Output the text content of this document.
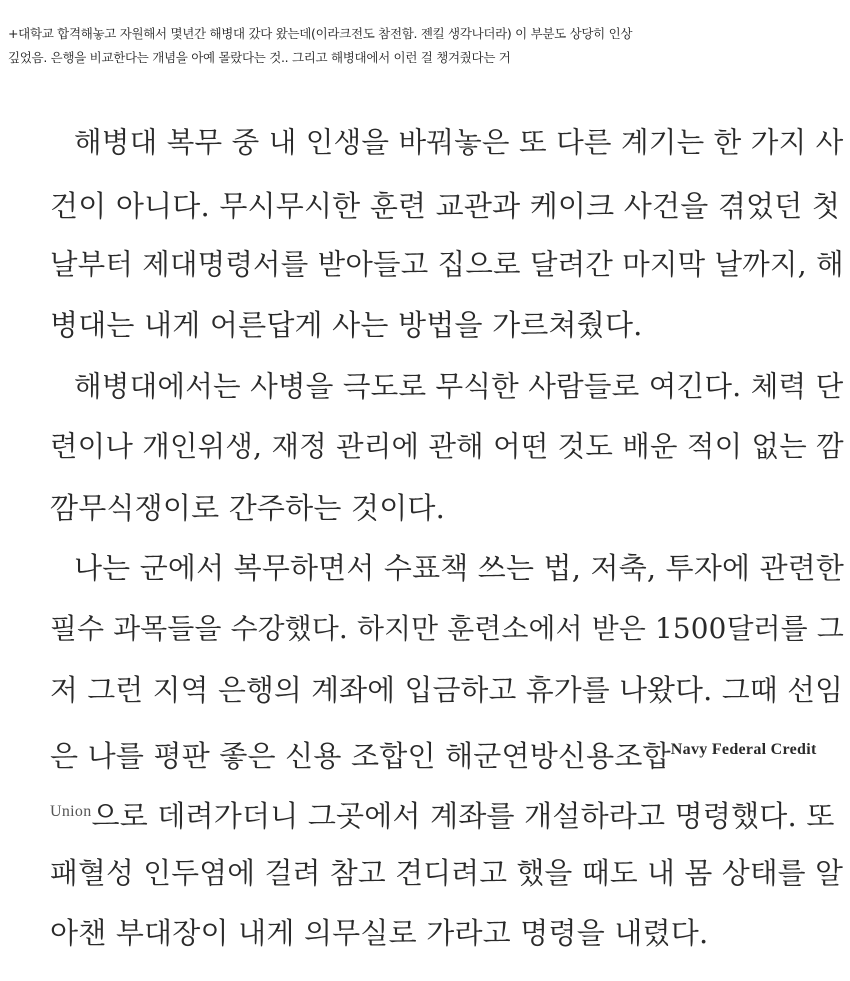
+대학교 합격해놓고 자원해서 몇년간 해병대 갔다 왔는데(이라크전도 참전함. 젠킬 생각나더라) 이 부분도 상당히 인상
깊었음. 은행을 비교한다는 개념을 아예 몰랐다는 것.. 그리고 해병대에서 이런 걸 챙겨줬다는 거
해병대 복무 중 내 인생을 바꿔놓은 또 다른 계기는 한 가지 사
건이 아니다. 무시무시한 훈련 교관과 케이크 사건을 겪었던 첫
날부터 제대명령서를 받아들고 집으로 달려간 마지막 날까지, 해
병대는 내게 어른답게 사는 방법을 가르쳐줬다.
해병대에서는 사병을 극도로 무식한 사람들로 여긴다. 체력 단
련이나 개인위생, 재정 관리에 관해 어떤 것도 배운 적이 없는 깜
깜무식쟁이로 간주하는 것이다.
나는 군에서 복무하면서 수표책 쓰는 법, 저축, 투자에 관련한
필수 과목들을 수강했다. 하지만 훈련소에서 받은 1500달러를 그
저 그런 지역 은행의 계좌에 입금하고 휴가를 나왔다. 그때 선임
은 나를 평판 좋은 신용 조합인 해군연방신용조합$^{Navy Federal Credit}$
$^{Union}$으로 데려가더니 그곳에서 계좌를 개설하라고 명령했다. 또
패혈성 인두염에 걸려 참고 견디려고 했을 때도 내 몸 상태를 알
아챈 부대장이 내게 의무실로 가라고 명령을 내렸다.
